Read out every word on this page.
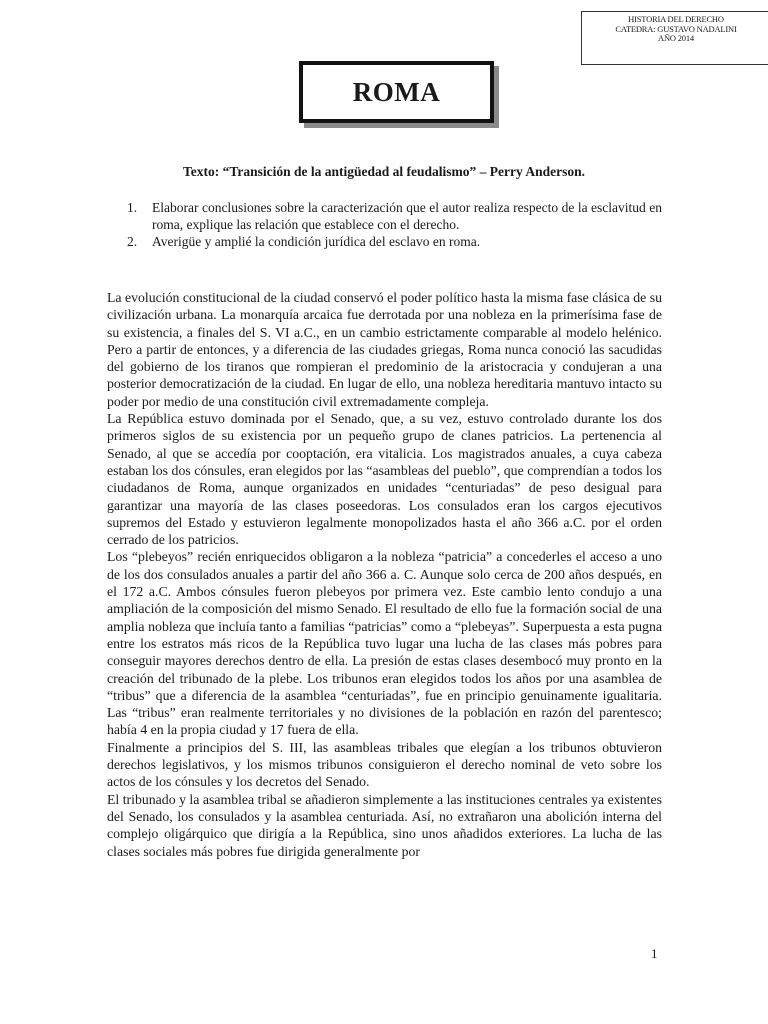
HISTORIA DEL DERECHO
CATEDRA: GUSTAVO NADALINI
AÑO 2014
ROMA
Texto: “Transición de la antigüedad al feudalismo” – Perry Anderson.
1. Elaborar conclusiones sobre la caracterización que el autor realiza respecto de la esclavitud en roma, explique las relación que establece con el derecho.
2. Averigüe y amplié la condición jurídica del esclavo en roma.

La evolución constitucional de la ciudad conservó el poder político hasta la misma fase clásica de su civilización urbana. La monarquía arcaica fue derrotada por una nobleza en la primerísima fase de su existencia, a finales del S. VI a.C., en un cambio estrictamente comparable al modelo helénico. Pero a partir de entonces, y a diferencia de las ciudades griegas, Roma nunca conoció las sacudidas del gobierno de los tiranos que rompieran el predominio de la aristocracia y condujeran a una posterior democratización de la ciudad. En lugar de ello, una nobleza hereditaria mantuvo intacto su poder por medio de una constitución civil extremadamente compleja.

La República estuvo dominada por el Senado, que, a su vez, estuvo controlado durante los dos primeros siglos de su existencia por un pequeño grupo de clanes patricios. La pertenencia al Senado, al que se accedía por cooptación, era vitalicia. Los magistrados anuales, a cuya cabeza estaban los dos cónsules, eran elegidos por las “asambleas del pueblo”, que comprendían a todos los ciudadanos de Roma, aunque organizados en unidades “centuriadas” de peso desigual para garantizar una mayoría de las clases poseedoras. Los consulados eran los cargos ejecutivos supremos del Estado y estuvieron legalmente monopolizados hasta el año 366 a.C. por el orden cerrado de los patricios.

Los “plebeyos” recién enriquecidos obligaron a la nobleza “patricia” a concederles el acceso a uno de los dos consulados anuales a partir del año 366 a. C. Aunque solo cerca de 200 años después, en el 172 a.C. Ambos cónsules fueron plebeyos por primera vez. Este cambio lento condujo a una ampliación de la composición del mismo Senado. El resultado de ello fue la formación social de una amplia nobleza que incluía tanto a familias “patricias” como a “plebeyas”. Superpuesta a esta pugna entre los estratos más ricos de la República tuvo lugar una lucha de las clases más pobres para conseguir mayores derechos dentro de ella. La presión de estas clases desembocó muy pronto en la creación del tribunado de la plebe. Los tribunos eran elegidos todos los años por una asamblea de “tribus” que a diferencia de la asamblea “centuriadas”, fue en principio genuinamente igualitaria. Las “tribus” eran realmente territoriales y no divisiones de la población en razón del parentesco; había 4 en la propia ciudad y 17 fuera de ella.

Finalmente a principios del S. III, las asambleas tribales que elegían a los tribunos obtuvieron derechos legislativos, y los mismos tribunos consiguieron el derecho nominal de veto sobre los actos de los cónsules y los decretos del Senado.

El tribunado y la asamblea tribal se añadieron simplemente a las instituciones centrales ya existentes del Senado, los consulados y la asamblea centuriada. Así, no extrañaron una abolición interna del complejo oligárquico que dirigía a la República, sino unos añadidos exteriores. La lucha de las clases sociales más pobres fue dirigida generalmente por

1
